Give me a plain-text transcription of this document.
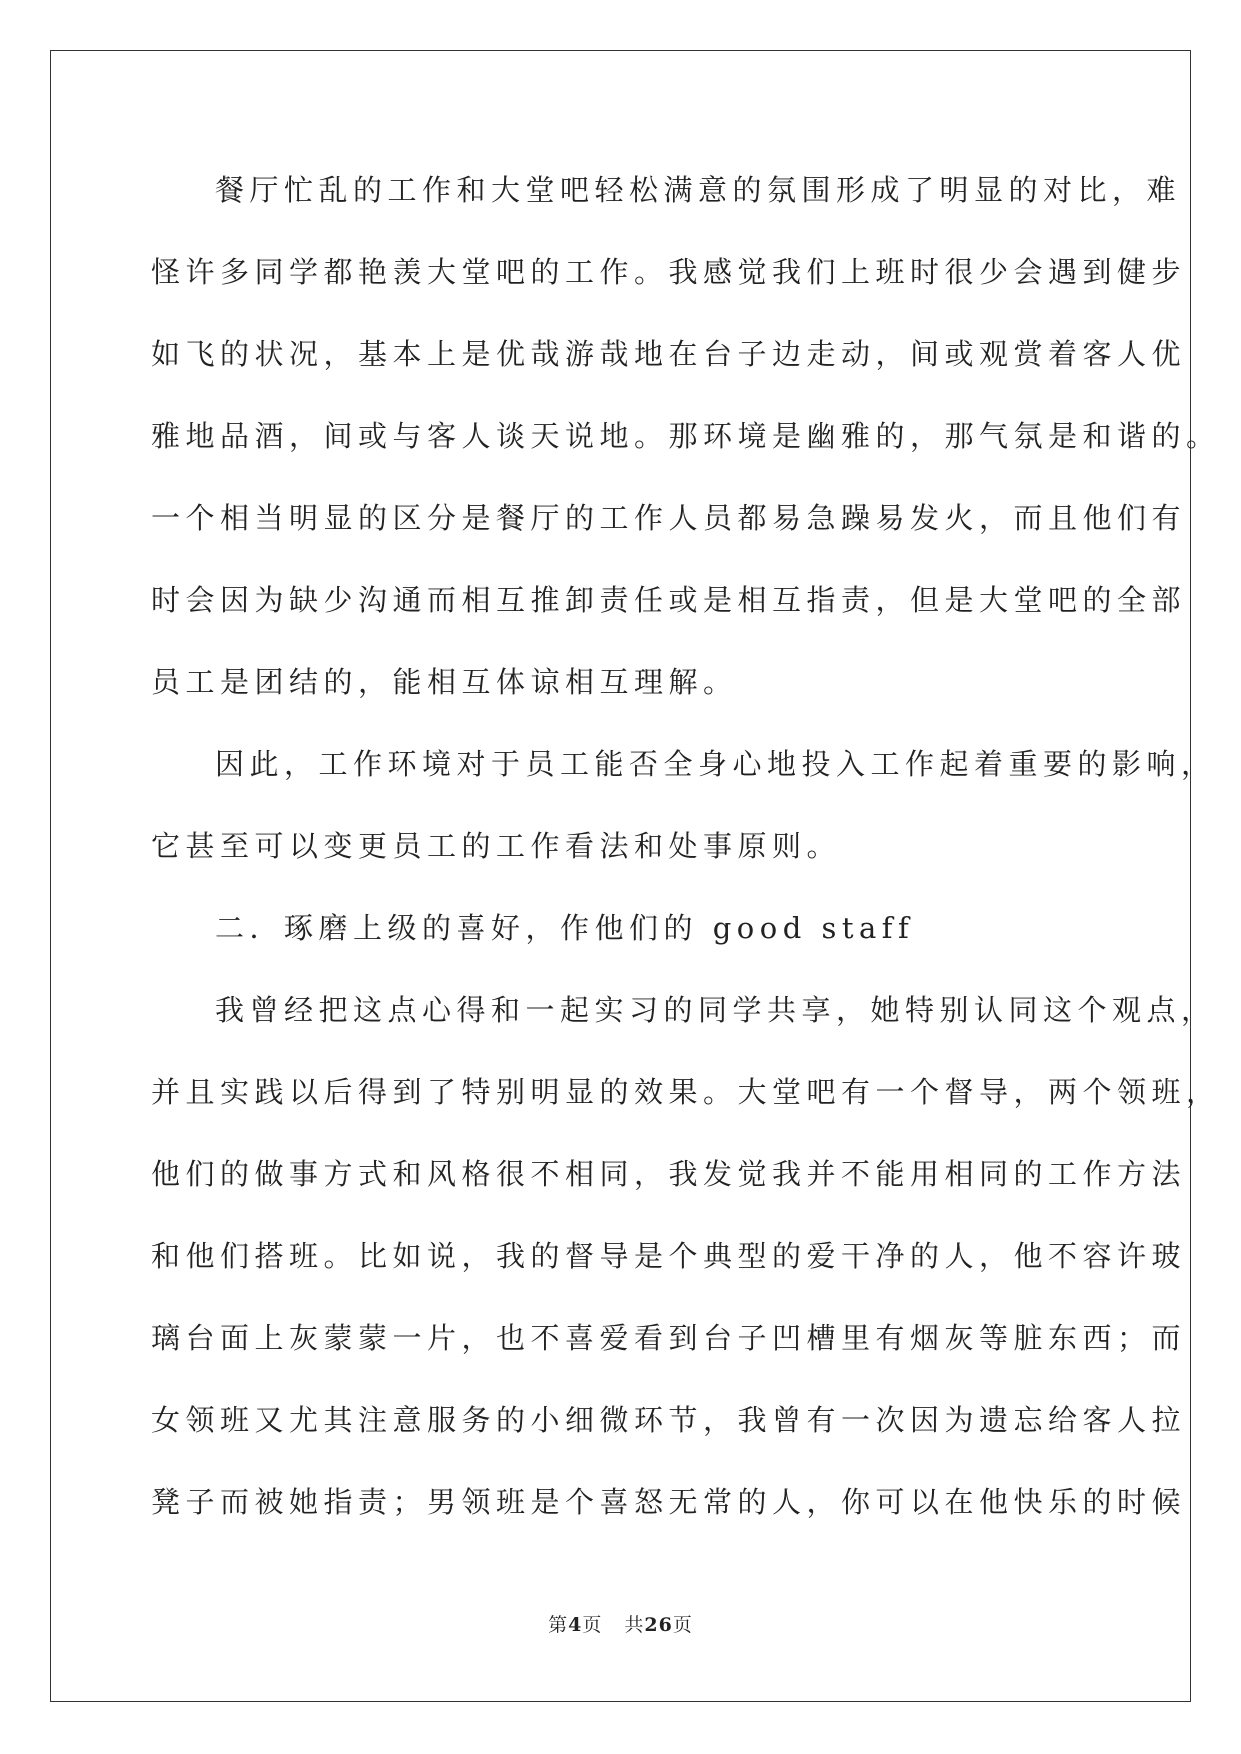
餐厅忙乱的工作和大堂吧轻松满意的氛围形成了明显的对比，难
怪许多同学都艳羡大堂吧的工作。我感觉我们上班时很少会遇到健步
如飞的状况，基本上是优哉游哉地在台子边走动，间或观赏着客人优
雅地品酒，间或与客人谈天说地。那环境是幽雅的，那气氛是和谐的。
一个相当明显的区分是餐厅的工作人员都易急躁易发火，而且他们有
时会因为缺少沟通而相互推卸责任或是相互指责，但是大堂吧的全部
员工是团结的，能相互体谅相互理解。
因此，工作环境对于员工能否全身心地投入工作起着重要的影响，
它甚至可以变更员工的工作看法和处事原则。
二．琢磨上级的喜好，作他们的 good staff
我曾经把这点心得和一起实习的同学共享，她特别认同这个观点，
并且实践以后得到了特别明显的效果。大堂吧有一个督导，两个领班，
他们的做事方式和风格很不相同，我发觉我并不能用相同的工作方法
和他们搭班。比如说，我的督导是个典型的爱干净的人，他不容许玻
璃台面上灰蒙蒙一片，也不喜爱看到台子凹槽里有烟灰等脏东西；而
女领班又尤其注意服务的小细微环节，我曾有一次因为遗忘给客人拉
凳子而被她指责；男领班是个喜怒无常的人，你可以在他快乐的时候
第4页 共26页
